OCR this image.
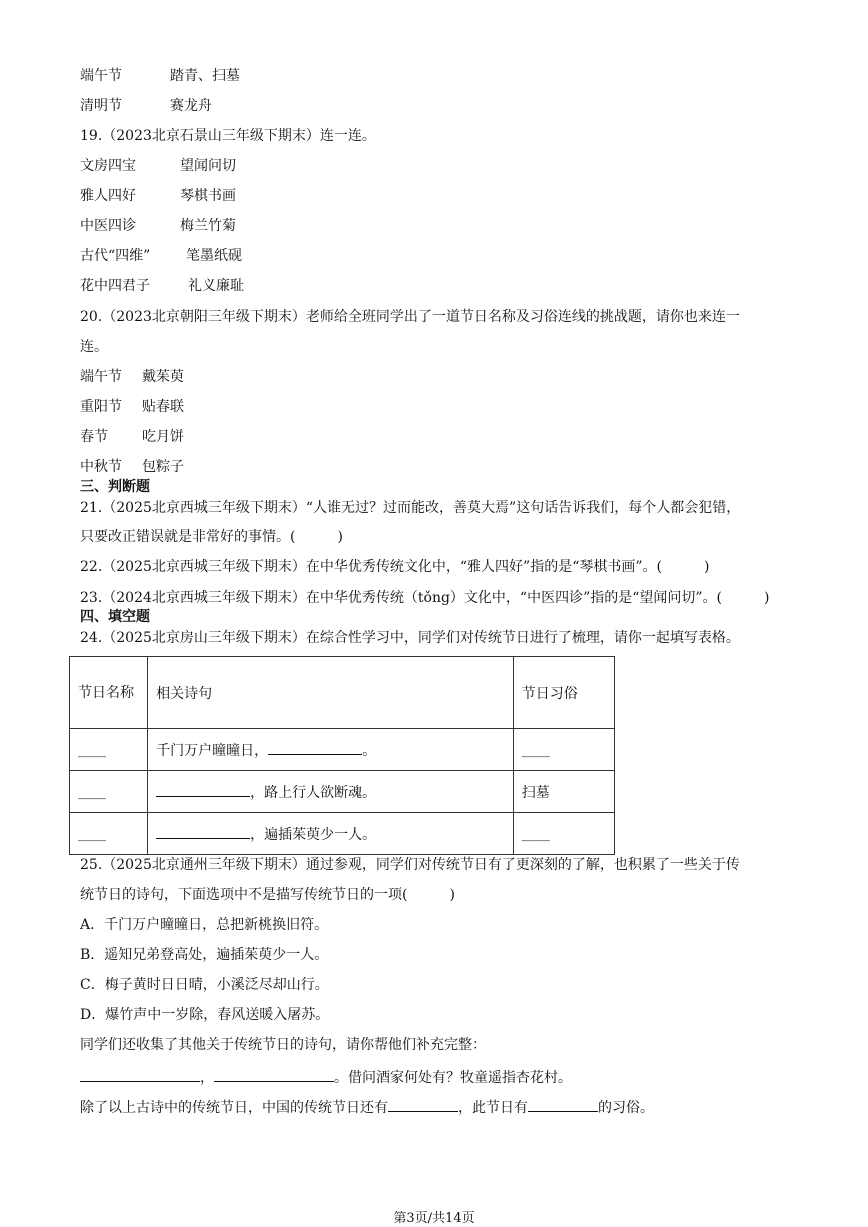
端午节	踏青、扫墓
清明节	赛龙舟
19.（2023北京石景山三年级下期末）连一连。
文房四宝	望闻问切
雅人四好	琴棋书画
中医四诊	梅兰竹菊
古代“四维”	笔墨纸砚
花中四君子	礼义廉耻
20.（2023北京朝阳三年级下期末）老师给全班同学出了一道节日名称及习俗连线的挑战题，请你也来连一
连。
端午节 戴茱萸
重阳节 贴春联
春节 吃月饼
中秋节 包粽子
三、判断题
21.（2025北京西城三年级下期末）“人谁无过？过而能改，善莫大焉”这句话告诉我们，每个人都会犯错，
只要改正错误就是非常好的事情。(　　　)
22.（2025北京西城三年级下期末）在中华优秀传统文化中，“雅人四好”指的是“琴棋书画”。(　　　)
23.（2024北京西城三年级下期末）在中华优秀传统（tǒng）文化中，“中医四诊”指的是“望闻问切”。(　　　)
四、填空题
24.（2025北京房山三年级下期末）在综合性学习中，同学们对传统节日进行了梳理，请你一起填写表格。
节日名称	相关诗句	节日习俗
____	千门万户曈曈日， 。	____
____	，路上行人欲断魂。	扫墓
____	，遍插茱萸少一人。	____
25.（2025北京通州三年级下期末）通过参观，同学们对传统节日有了更深刻的了解，也积累了一些关于传
统节日的诗句，下面选项中不是描写传统节日的一项(　　　)
A．千门万户曈曈日，总把新桃换旧符。
B．遥知兄弟登高处，遍插茱萸少一人。
C．梅子黄时日日晴，小溪泛尽却山行。
D．爆竹声中一岁除，春风送暖入屠苏。
同学们还收集了其他关于传统节日的诗句，请你帮他们补充完整：
，	。借问酒家何处有？牧童遥指杏花村。
除了以上古诗中的传统节日，中国的传统节日还有	，此节日有	的习俗。
第3页/共14页
